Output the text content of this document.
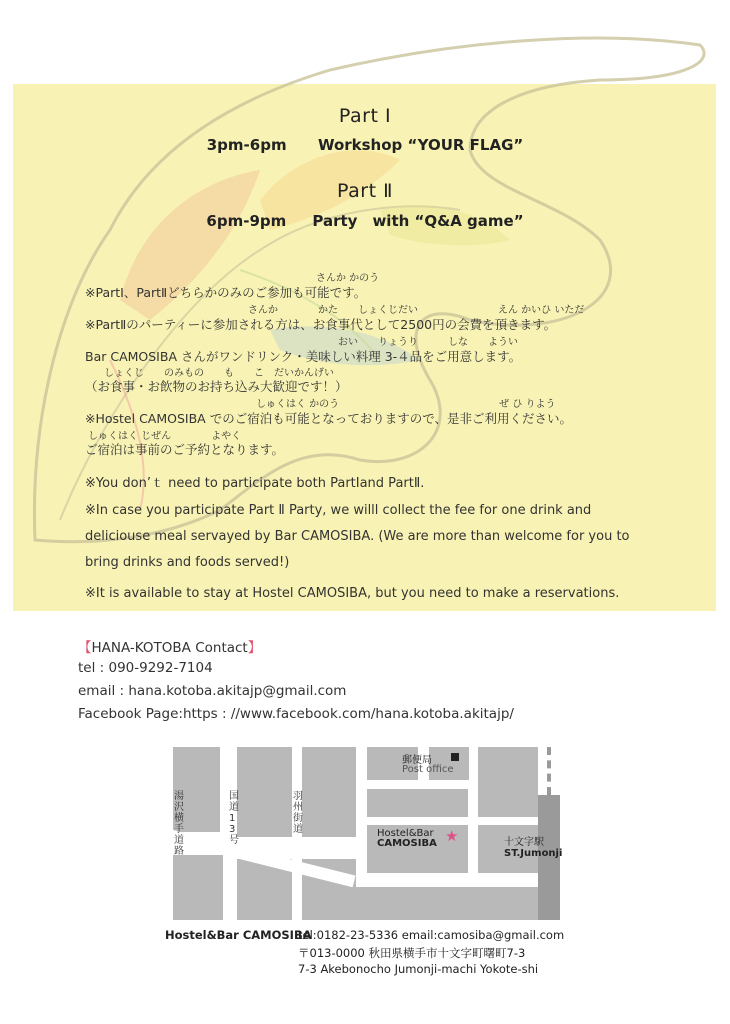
Part Ⅰ
3pm-6pm Workshop “YOUR FLAG”
Part Ⅱ
6pm-9pm Party　with “Q&A game”
さんか かのう
※PartⅠ、PartⅡどちらかのみのご参加も可能です。
さんか　　　　かた　　しょくじだい　　　　　　　　えん かいひ いただ
※PartⅡのパーティーに参加される方は、お食事代として2500円の会費を頂きます。
おい　　りょうり　　　しな　　ようい
Bar CAMOSIBA さんがワンドリンク・美味しい料理 3-４品をご用意します。
しょくじ　　のみもの　　も　　こ　だいかんげい
（お食事・お飲物のお持ち込み大歓迎です！）
しゅくはく かのう　　　　　　　　　　　　　　　　ぜ ひ りよう
※Hostel CAMOSIBA でのご宿泊も可能となっておりますので、是非ご利用ください。
しゅくはく じぜん　　　　よやく
ご宿泊は事前のご予約となります。
※You don’ｔ need to participate both PartⅠand PartⅡ.
※In case you participate Part Ⅱ Party, we willl collect the fee for one drink and
deliciouse meal servayed by Bar CAMOSIBA. (We are more than welcome for you to
bring drinks and foods served!)
※It is available to stay at Hostel CAMOSIBA, but you need to make a reservations.
【HANA-KOTOBA Contact】
tel : 090-9292-7104
email : hana.kotoba.akitajp@gmail.com
Facebook Page:https : //www.facebook.com/hana.kotoba.akitajp/
郵便局
Post office
Hostel&Bar
CAMOSIBA ★	十文字駅
ST.Jumonji
湯沢横手道路
国道13号
羽州街道
Hostel&Bar CAMOSIBA
tel:0182-23-5336 email:camosiba@gmail.com
〒013-0000 秋田県横手市十文字町曙町7-3
7-3 Akebonocho Jumonji-machi Yokote-shi
